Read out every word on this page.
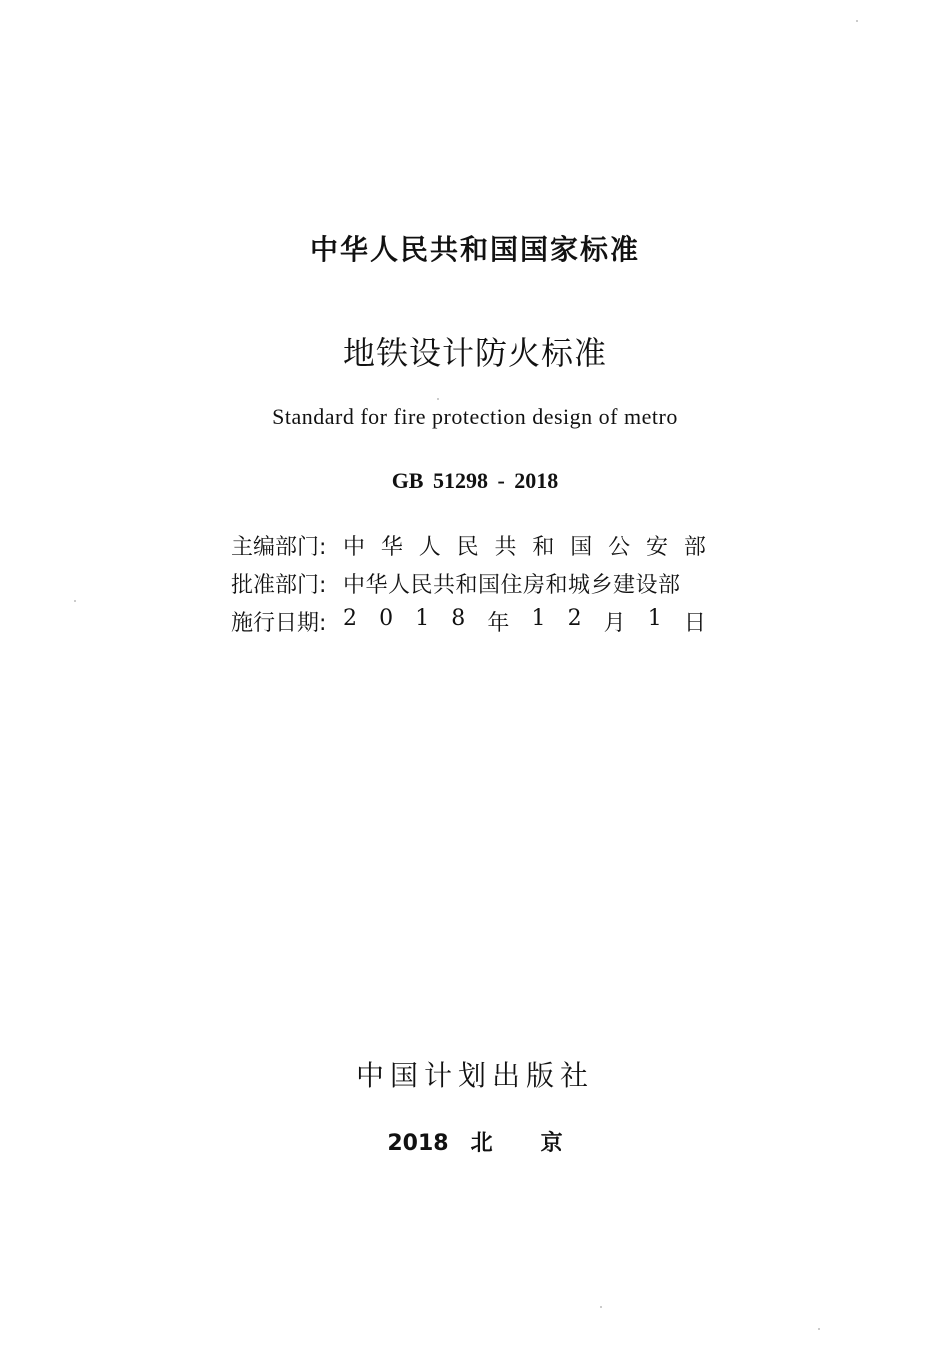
中华人民共和国国家标准
地铁设计防火标准
Standard for fire protection design of metro
GB 51298 - 2018
主编部门: 中 华 人 民 共 和 国 公 安 部
批准部门: 中华人民共和国住房和城乡建设部
施行日期: 2 0 1 8 年 1 2 月 1 日
中国计划出版社
2018 北 京
